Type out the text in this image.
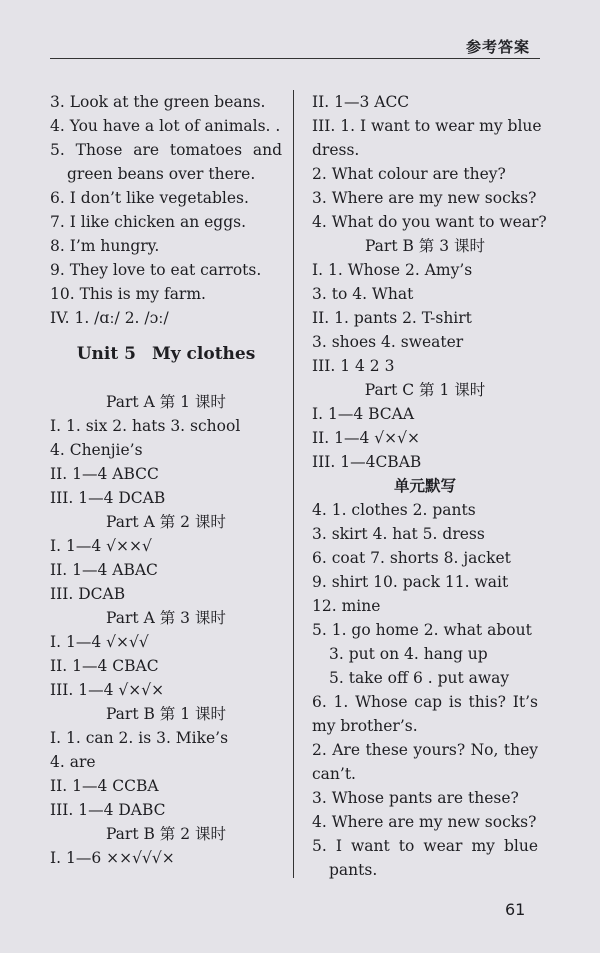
参考答案
3. Look at the green beans.
4. You have a lot of animals. .
5. Those are tomatoes and
green beans over there.
6. I don’t like vegetables.
7. I like chicken an eggs.
8. I’m hungry.
9. They love to eat carrots.
10. This is my farm.
IV. 1. /ɑː/ 2. /ɔː/
Unit 5 My clothes
Part A 第 1 课时
I. 1. six 2. hats 3. school
4. Chenjie’s
II. 1—4 ABCC
III. 1—4 DCAB
Part A 第 2 课时
I. 1—4 √××√
II. 1—4 ABAC
III. DCAB
Part A 第 3 课时
I. 1—4 √×√√
II. 1—4 CBAC
III. 1—4 √×√×
Part B 第 1 课时
I. 1. can 2. is 3. Mike’s
4. are
II. 1—4 CCBA
III. 1—4 DABC
Part B 第 2 课时
I. 1—6 ××√√√×
II. 1—3 ACC
III. 1. I want to wear my blue
dress.
2. What colour are they?
3. Where are my new socks?
4. What do you want to wear?
Part B 第 3 课时
I. 1. Whose 2. Amy’s
3. to 4. What
II. 1. pants 2. T-shirt
3. shoes 4. sweater
III. 1 4 2 3
Part C 第 1 课时
I. 1—4 BCAA
II. 1—4 √×√×
III. 1—4CBAB
单元默写
4. 1. clothes 2. pants
3. skirt 4. hat 5. dress
6. coat 7. shorts 8. jacket
9. shirt 10. pack 11. wait
12. mine
5. 1. go home 2. what about
3. put on 4. hang up
5. take off 6 . put away
6. 1. Whose cap is this? It’s
my brother’s.
2. Are these yours? No, they
can’t.
3. Whose pants are these?
4. Where are my new socks?
5. I want to wear my blue
pants.
61
